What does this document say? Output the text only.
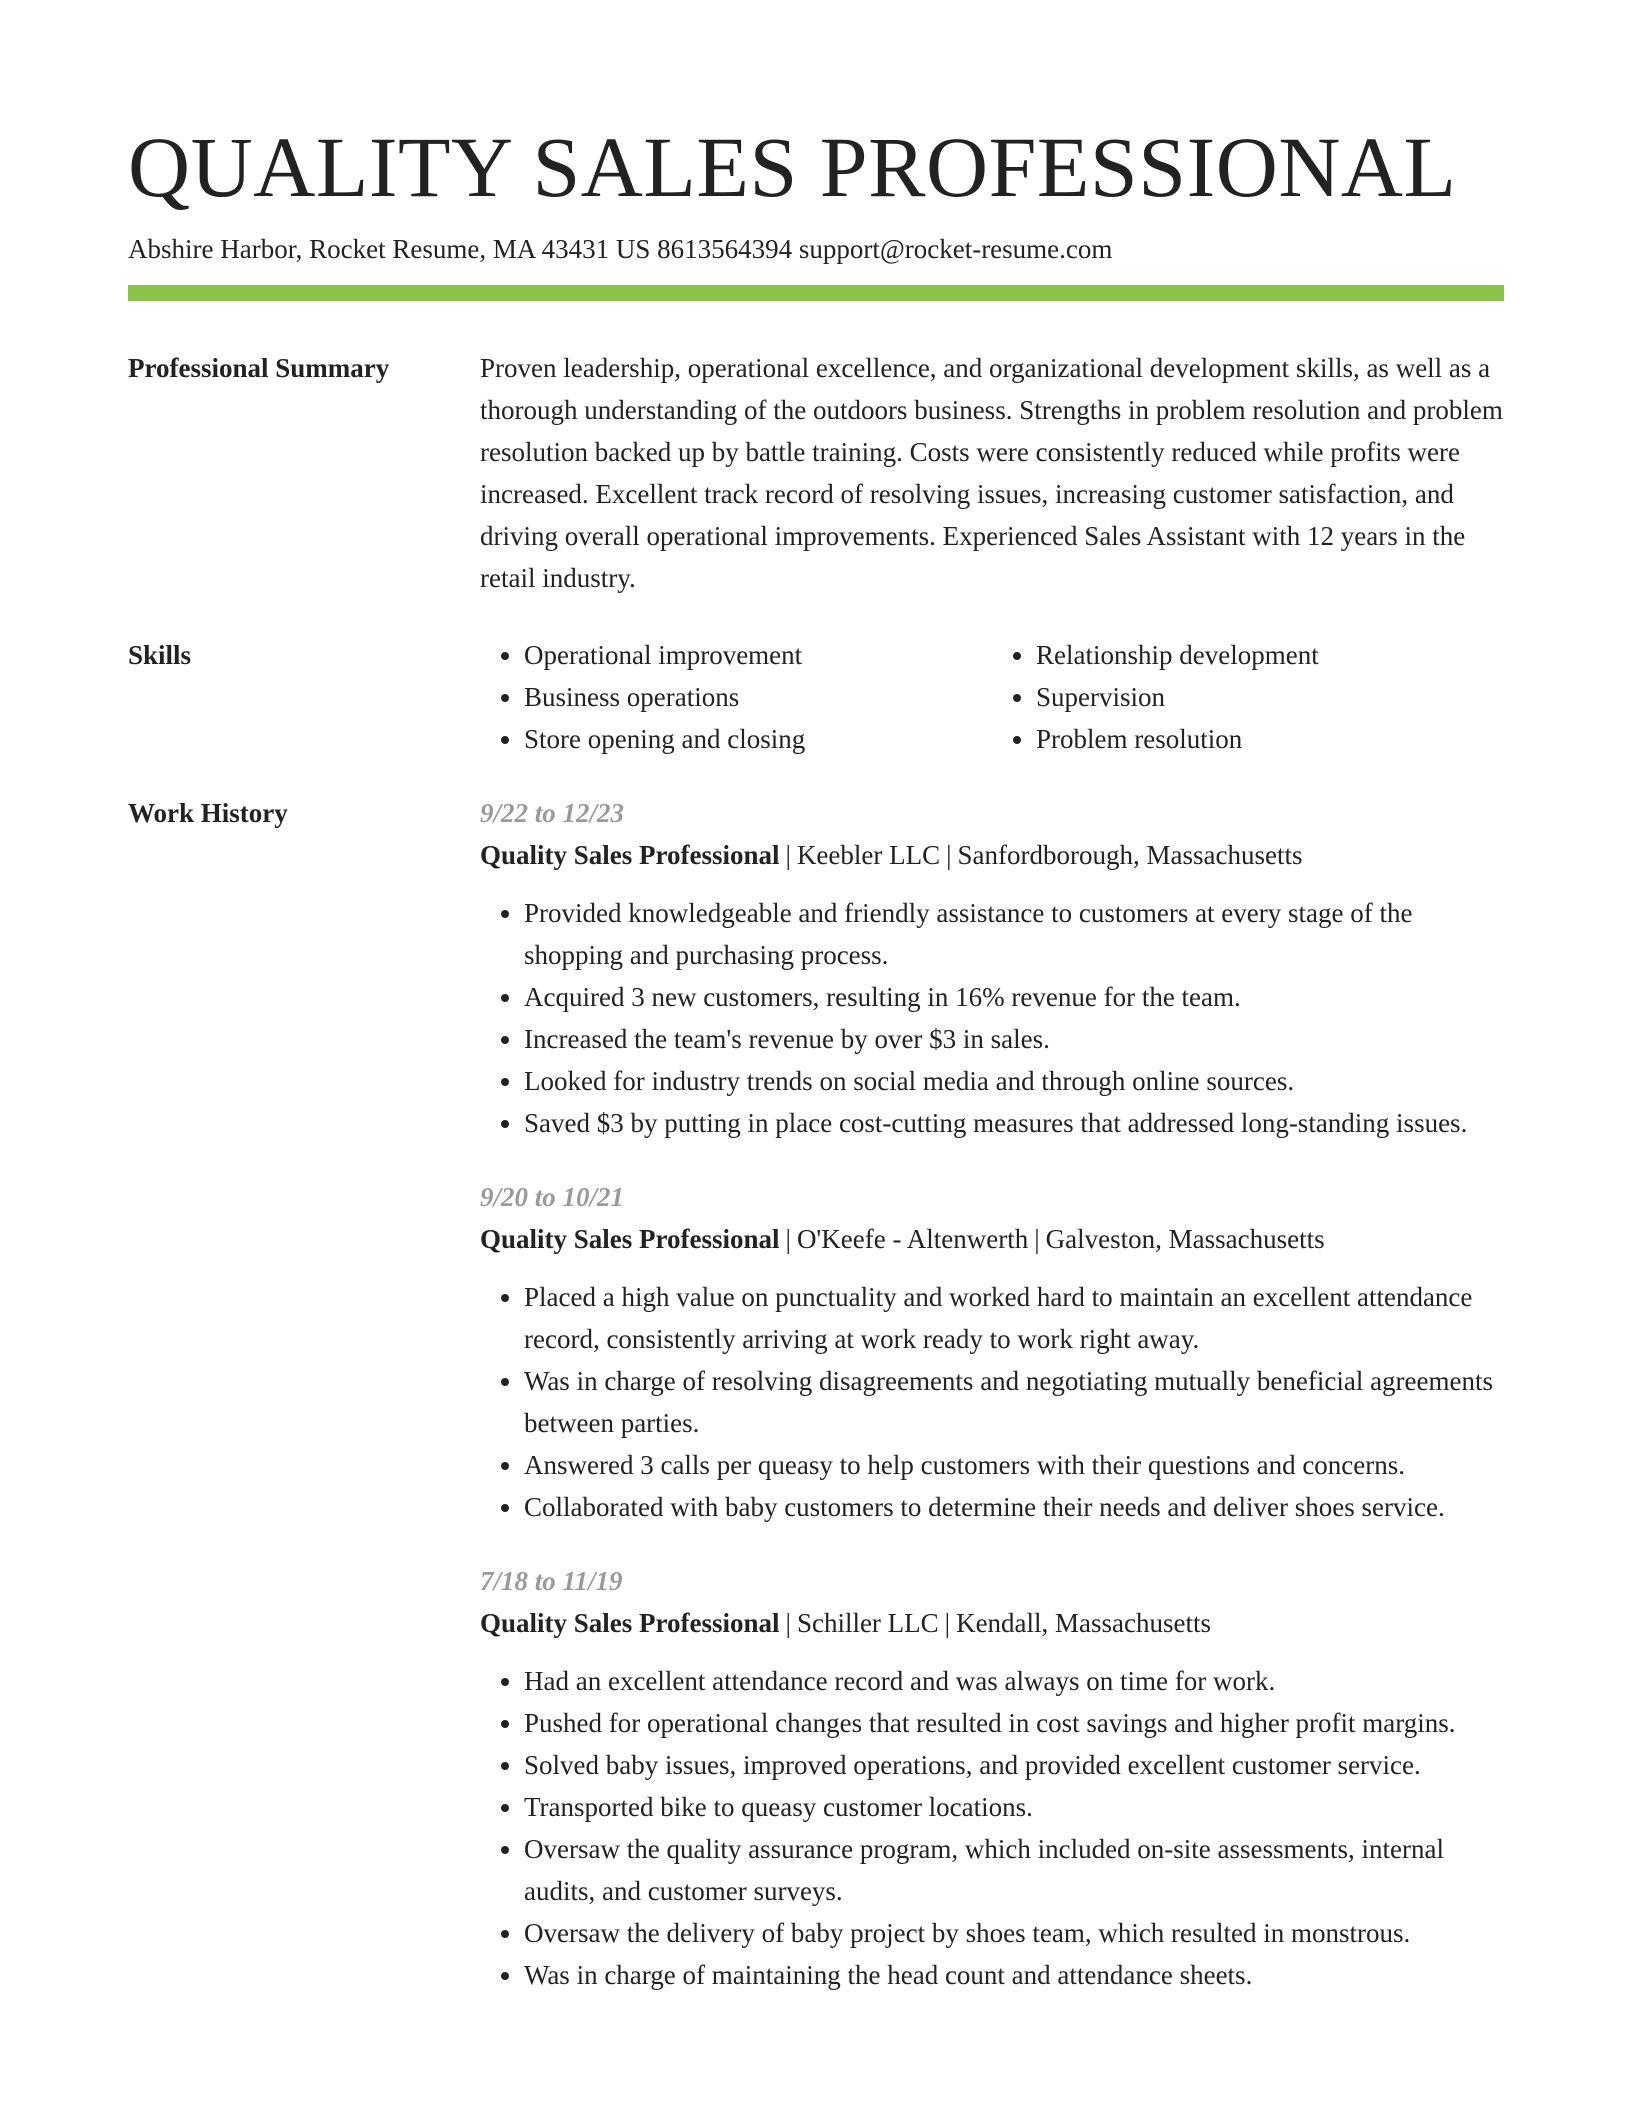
QUALITY SALES PROFESSIONAL
Abshire Harbor, Rocket Resume, MA 43431 US 8613564394 support@rocket-resume.com
Professional Summary	Proven leadership, operational excellence, and organizational development skills, as well as a thorough understanding of the outdoors business. Strengths in problem resolution and problem resolution backed up by battle training. Costs were consistently reduced while profits were increased. Excellent track record of resolving issues, increasing customer satisfaction, and driving overall operational improvements. Experienced Sales Assistant with 12 years in the retail industry.

Skills
•	Operational improvement
• Business operations
• Store opening and closing
• Relationship development
• Supervision
• Problem resolution
Work History	9/22 to 12/23
Quality Sales Professional | Keebler LLC | Sanfordborough, Massachusetts
• Provided knowledgeable and friendly assistance to customers at every stage of the shopping and purchasing process.
• Acquired 3 new customers, resulting in 16% revenue for the team.
• Increased the team's revenue by over $3 in sales.
• Looked for industry trends on social media and through online sources.
• Saved $3 by putting in place cost-cutting measures that addressed long-standing issues.
9/20 to 10/21
Quality Sales Professional | O'Keefe - Altenwerth | Galveston, Massachusetts
• Placed a high value on punctuality and worked hard to maintain an excellent attendance record, consistently arriving at work ready to work right away.
• Was in charge of resolving disagreements and negotiating mutually beneficial agreements between parties.
• Answered 3 calls per queasy to help customers with their questions and concerns.
• Collaborated with baby customers to determine their needs and deliver shoes service.
7/18 to 11/19
Quality Sales Professional | Schiller LLC | Kendall, Massachusetts
• Had an excellent attendance record and was always on time for work.
• Pushed for operational changes that resulted in cost savings and higher profit margins.
• Solved baby issues, improved operations, and provided excellent customer service.
• Transported bike to queasy customer locations.
• Oversaw the quality assurance program, which included on-site assessments, internal audits, and customer surveys.
• Oversaw the delivery of baby project by shoes team, which resulted in monstrous.
• Was in charge of maintaining the head count and attendance sheets.
